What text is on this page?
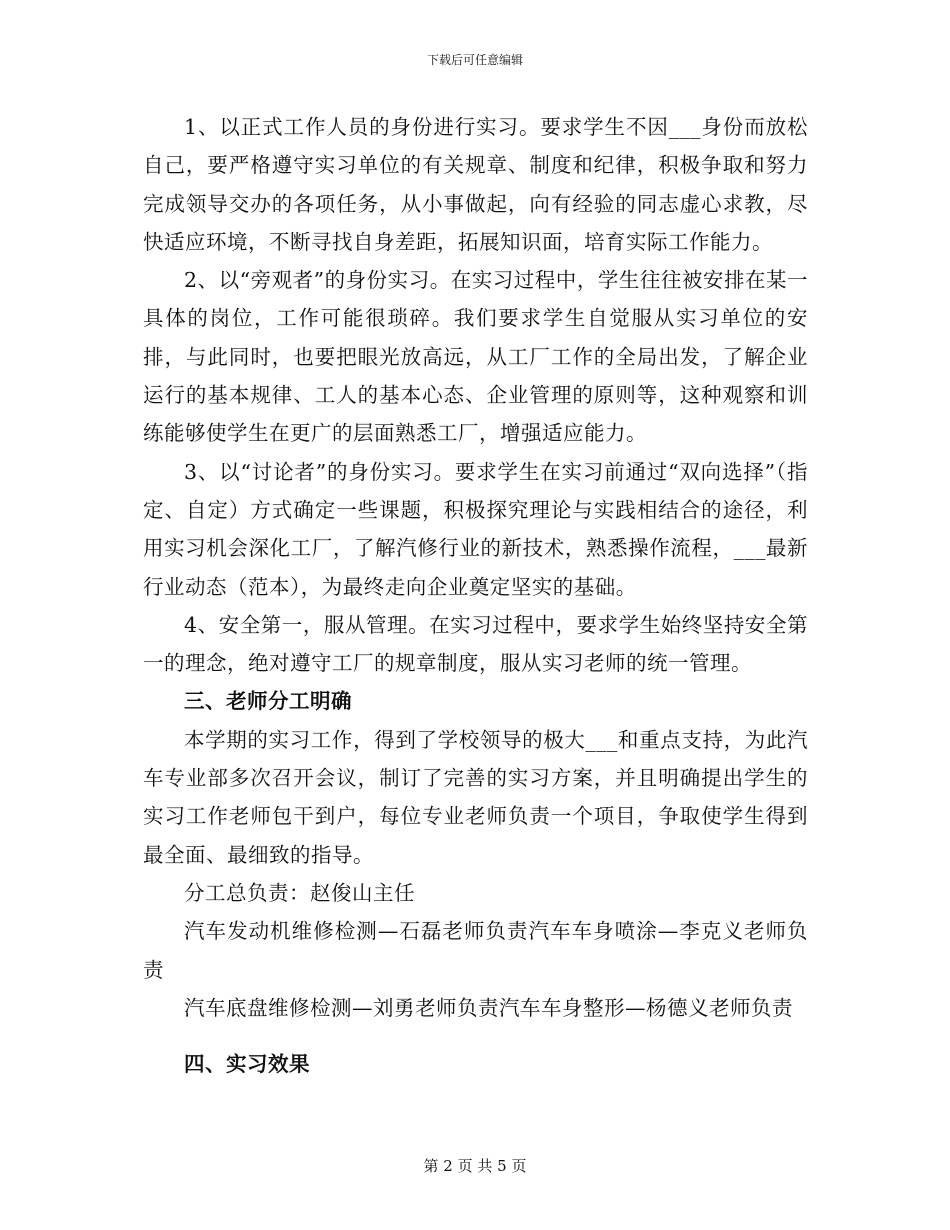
下载后可任意编辑

1、以正式工作人员的身份进行实习。要求学生不因___身份而放松自己，要严格遵守实习单位的有关规章、制度和纪律，积极争取和努力完成领导交办的各项任务，从小事做起，向有经验的同志虚心求教，尽快适应环境，不断寻找自身差距，拓展知识面，培育实际工作能力。

2、以“旁观者”的身份实习。在实习过程中，学生往往被安排在某一具体的岗位，工作可能很琐碎。我们要求学生自觉服从实习单位的安排，与此同时，也要把眼光放高远，从工厂工作的全局出发，了解企业运行的基本规律、工人的基本心态、企业管理的原则等，这种观察和训练能够使学生在更广的层面熟悉工厂，增强适应能力。

3、以“讨论者”的身份实习。要求学生在实习前通过“双向选择”（指定、自定）方式确定一些课题，积极探究理论与实践相结合的途径，利用实习机会深化工厂，了解汽修行业的新技术，熟悉操作流程，___最新行业动态（范本），为最终走向企业奠定坚实的基础。

4、安全第一，服从管理。在实习过程中，要求学生始终坚持安全第一的理念，绝对遵守工厂的规章制度，服从实习老师的统一管理。

三、老师分工明确

本学期的实习工作，得到了学校领导的极大___和重点支持，为此汽车专业部多次召开会议，制订了完善的实习方案，并且明确提出学生的实习工作老师包干到户，每位专业老师负责一个项目，争取使学生得到最全面、最细致的指导。

分工总负责：赵俊山主任

汽车发动机维修检测—石磊老师负责汽车车身喷涂—李克义老师负责

汽车底盘维修检测—刘勇老师负责汽车车身整形—杨德义老师负责

四、实习效果

第 2 页 共 5 页
